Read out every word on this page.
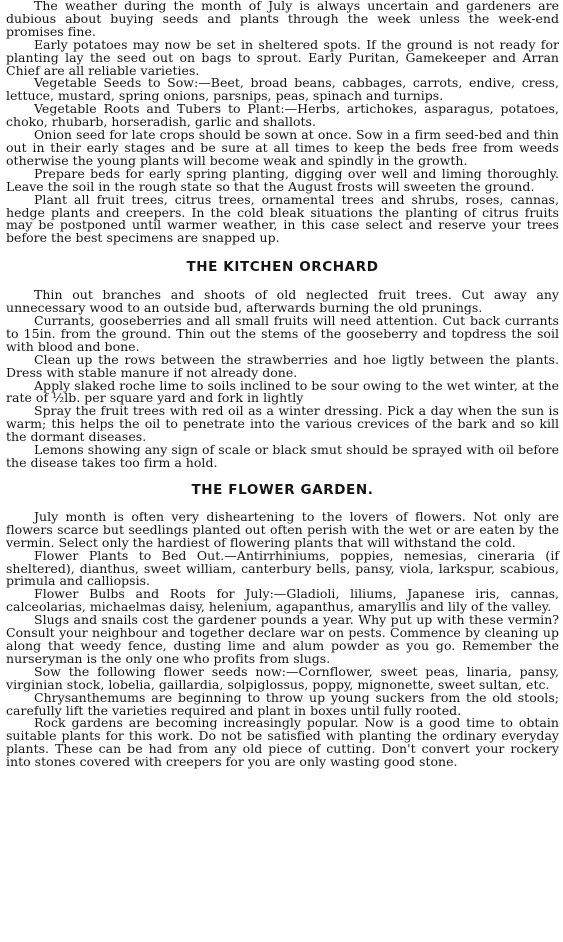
The weather during the month of July is always uncertain and gardeners are dubious about buying seeds and plants through the week unless the week-end promises fine.

Early potatoes may now be set in sheltered spots. If the ground is not ready for planting lay the seed out on bags to sprout. Early Puritan, Gamekeeper and Arran Chief are all reliable varieties.

Vegetable Seeds to Sow:—Beet, broad beans, cabbages, carrots, endive, cress, lettuce, mustard, spring onions, parsnips, peas, spinach and turnips.

Vegetable Roots and Tubers to Plant:—Herbs, artichokes, asparagus, potatoes, choko, rhubarb, horseradish, garlic and shallots.

Onion seed for late crops should be sown at once. Sow in a firm seed-bed and thin out in their early stages and be sure at all times to keep the beds free from weeds otherwise the young plants will become weak and spindly in the growth.

Prepare beds for early spring planting, digging over well and liming thoroughly. Leave the soil in the rough state so that the August frosts will sweeten the ground.

Plant all fruit trees, citrus trees, ornamental trees and shrubs, roses, cannas, hedge plants and creepers. In the cold bleak situations the planting of citrus fruits may be postponed until warmer weather, in this case select and reserve your trees before the best specimens are snapped up.

THE KITCHEN ORCHARD

Thin out branches and shoots of old neglected fruit trees. Cut away any unnecessary wood to an outside bud, afterwards burning the old prunings.

Currants, gooseberries and all small fruits will need attention. Cut back currants to 15in. from the ground. Thin out the stems of the gooseberry and topdress the soil with blood and bone.

Clean up the rows between the strawberries and hoe ligtly between the plants. Dress with stable manure if not already done.

Apply slaked roche lime to soils inclined to be sour owing to the wet winter, at the rate of ½lb. per square yard and fork in lightly

Spray the fruit trees with red oil as a winter dressing. Pick a day when the sun is warm; this helps the oil to penetrate into the various crevices of the bark and so kill the dormant diseases.

Lemons showing any sign of scale or black smut should be sprayed with oil before the disease takes too firm a hold.

THE FLOWER GARDEN.

July month is often very disheartening to the lovers of flowers. Not only are flowers scarce but seedlings planted out often perish with the wet or are eaten by the vermin. Select only the hardiest of flowering plants that will withstand the cold.

Flower Plants to Bed Out.—Antirrhiniums, poppies, nemesias, cineraria (if sheltered), dianthus, sweet william, canterbury bells, pansy, viola, larkspur, scabious, primula and calliopsis.

Flower Bulbs and Roots for July:—Gladioli, liliums, Japanese iris, cannas, calceolarias, michaelmas daisy, helenium, agapanthus, amaryllis and lily of the valley.

Slugs and snails cost the gardener pounds a year. Why put up with these vermin? Consult your neighbour and together declare war on pests. Commence by cleaning up along that weedy fence, dusting lime and alum powder as you go. Remember the nurseryman is the only one who profits from slugs.

Sow the following flower seeds now:—Cornflower, sweet peas, linaria, pansy, virginian stock, lobelia, gaillardia, solpiglossus, poppy, mignonette, sweet sultan, etc.

Chrysanthemums are beginning to throw up young suckers from the old stools; carefully lift the varieties required and plant in boxes until fully rooted.

Rock gardens are becoming increasingly popular. Now is a good time to obtain suitable plants for this work. Do not be satisfied with planting the ordinary everyday plants. These can be had from any old piece of cutting. Don't convert your rockery into stones covered with creepers for you are only wasting good stone.
